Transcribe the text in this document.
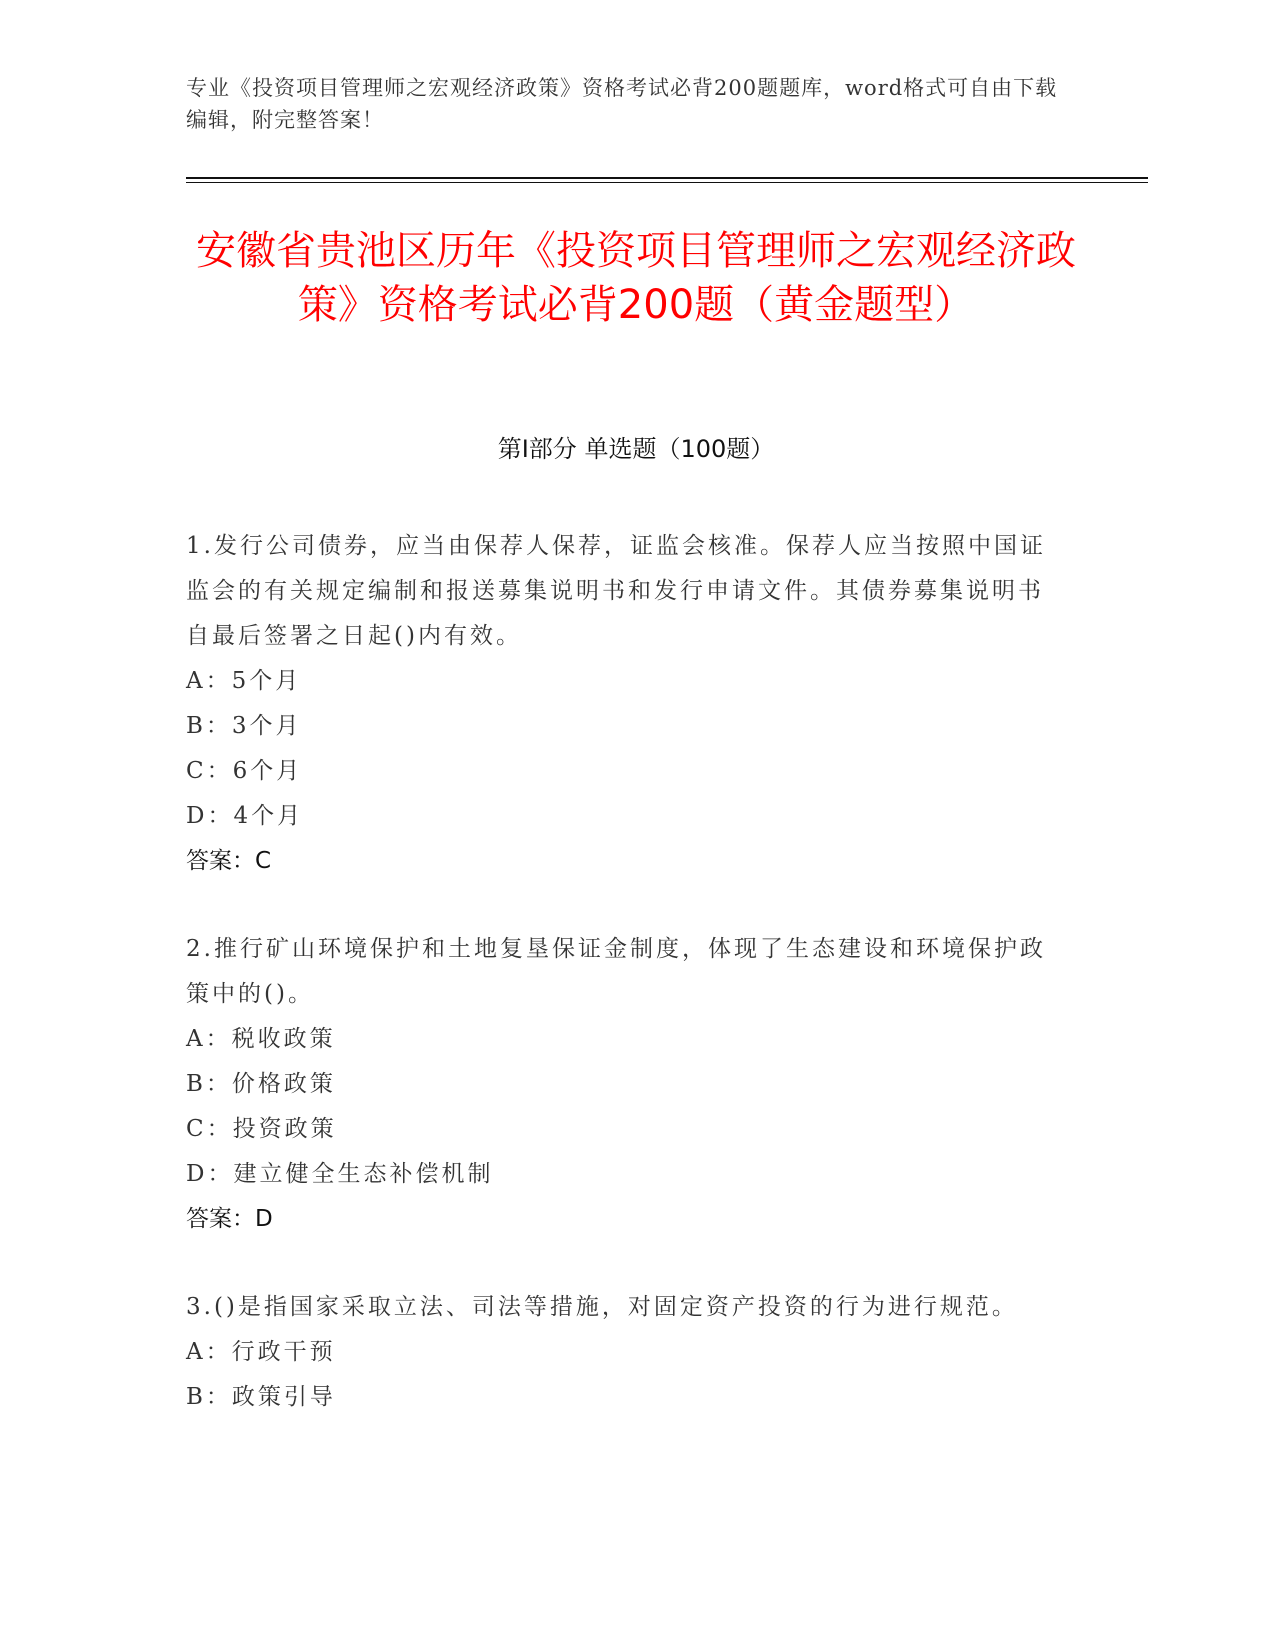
专业《投资项目管理师之宏观经济政策》资格考试必背200题题库，word格式可自由下载编辑，附完整答案！
安徽省贵池区历年《投资项目管理师之宏观经济政策》资格考试必背200题（黄金题型）
第I部分 单选题（100题）
1.发行公司债券，应当由保荐人保荐，证监会核准。保荐人应当按照中国证监会的有关规定编制和报送募集说明书和发行申请文件。其债券募集说明书自最后签署之日起()内有效。
A：5个月
B：3个月
C：6个月
D：4个月
答案：C
2.推行矿山环境保护和土地复垦保证金制度，体现了生态建设和环境保护政策中的()。
A：税收政策
B：价格政策
C：投资政策
D：建立健全生态补偿机制
答案：D
3.()是指国家采取立法、司法等措施，对固定资产投资的行为进行规范。
A：行政干预
B：政策引导
